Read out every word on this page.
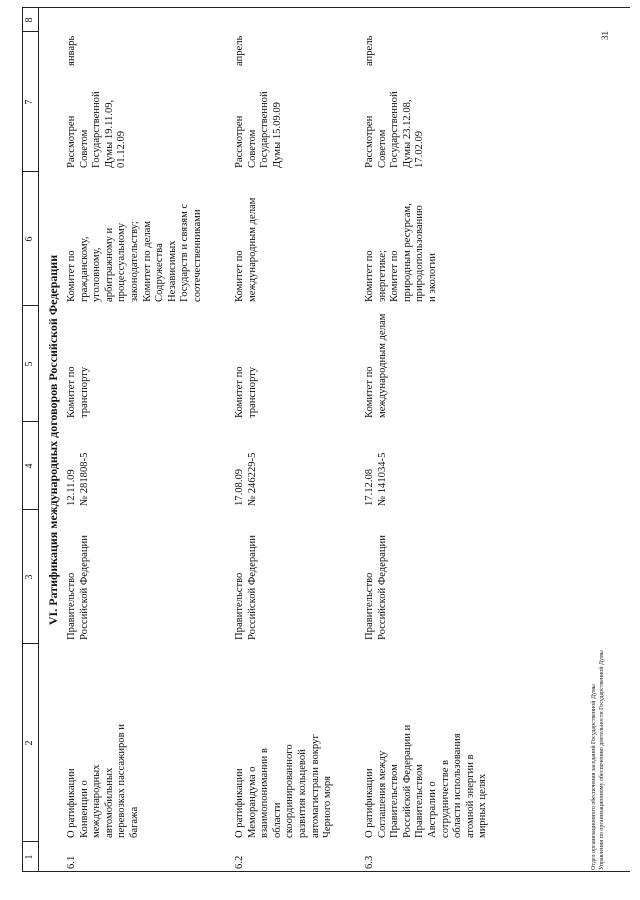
1
2
3
4
5
6
7
8
VI. Ратификация международных договоров Российской Федерации
6.1
О ратификации
Конвенции о
международных
автомобильных
перевозках пассажиров и
багажа
Правительство
Российской Федерации
12.11.09
№ 281808-5
Комитет по
транспорту
Комитет по
гражданскому,
уголовному,
арбитражному и
процессуальному
законодательству;
Комитет по делам
Содружества
Независимых
Государств и связям с
соотечественниками
Рассмотрен
Советом
Государственной
Думы 19.11.09,
01.12.09
январь
6.2
О ратификации
Меморандума о
взаимопонимании в
области
скоординированного
развития кольцевой
автомагистрали вокруг
Черного моря
Правительство
Российской Федерации
17.08.09
№ 246229-5
Комитет по
транспорту
Комитет по
международным делам
Рассмотрен
Советом
Государственной
Думы 15.09.09
апрель
6.3
О ратификации
Соглашения между
Правительством
Российской Федерации и
Правительством
Австралии о
сотрудничестве в
области использования
атомной энергии в
мирных целях
Правительство
Российской Федерации
17.12.08
№ 141034-5
Комитет по
международным делам
Комитет по
энергетике;
Комитет по
природным ресурсам,
природопользованию
и экологии
Рассмотрен
Советом
Государственной
Думы 23.12.08,
17.02.09
апрель
Отдел организационного обеспечения заседаний Государственной Думы Управления по организационному обеспечению деятельности Государственной Думы
31
